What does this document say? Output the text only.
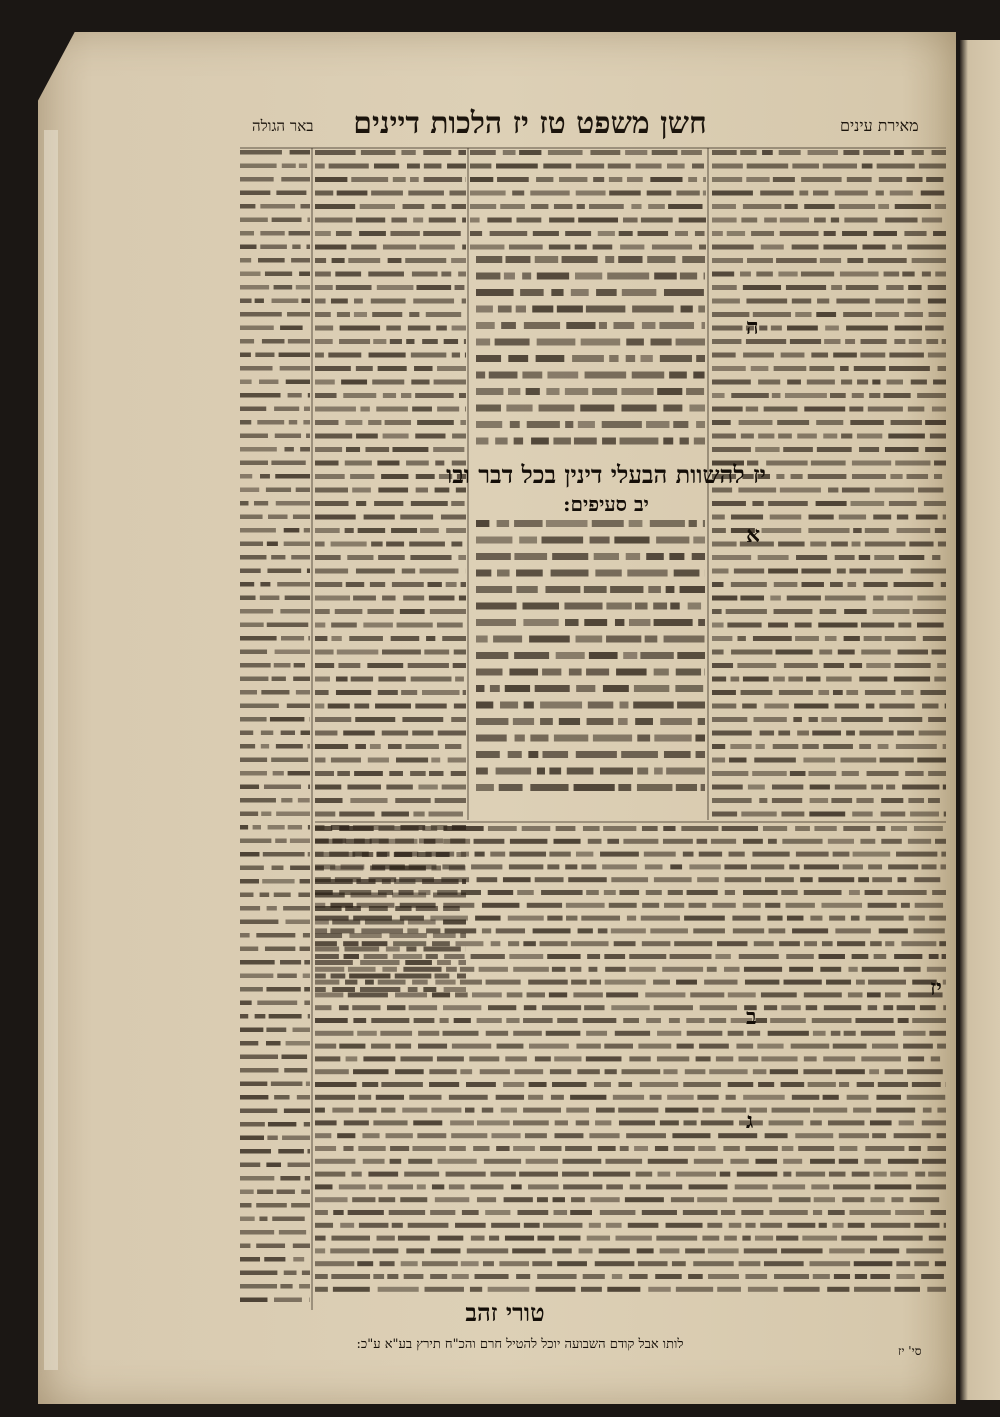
באר הגולה	חשן משפט טז יז הלכות דיינים	מאירת עינים
יז להשוות הבעלי דינין בכל דבר ובו
יב סעיפים:
ה
א
ב
ג
יז
טורי זהב
לותו אבל קודם השבועה יוכל להטיל חרם והכ"ח תירץ בע"א ע"כ:	סי' יז
